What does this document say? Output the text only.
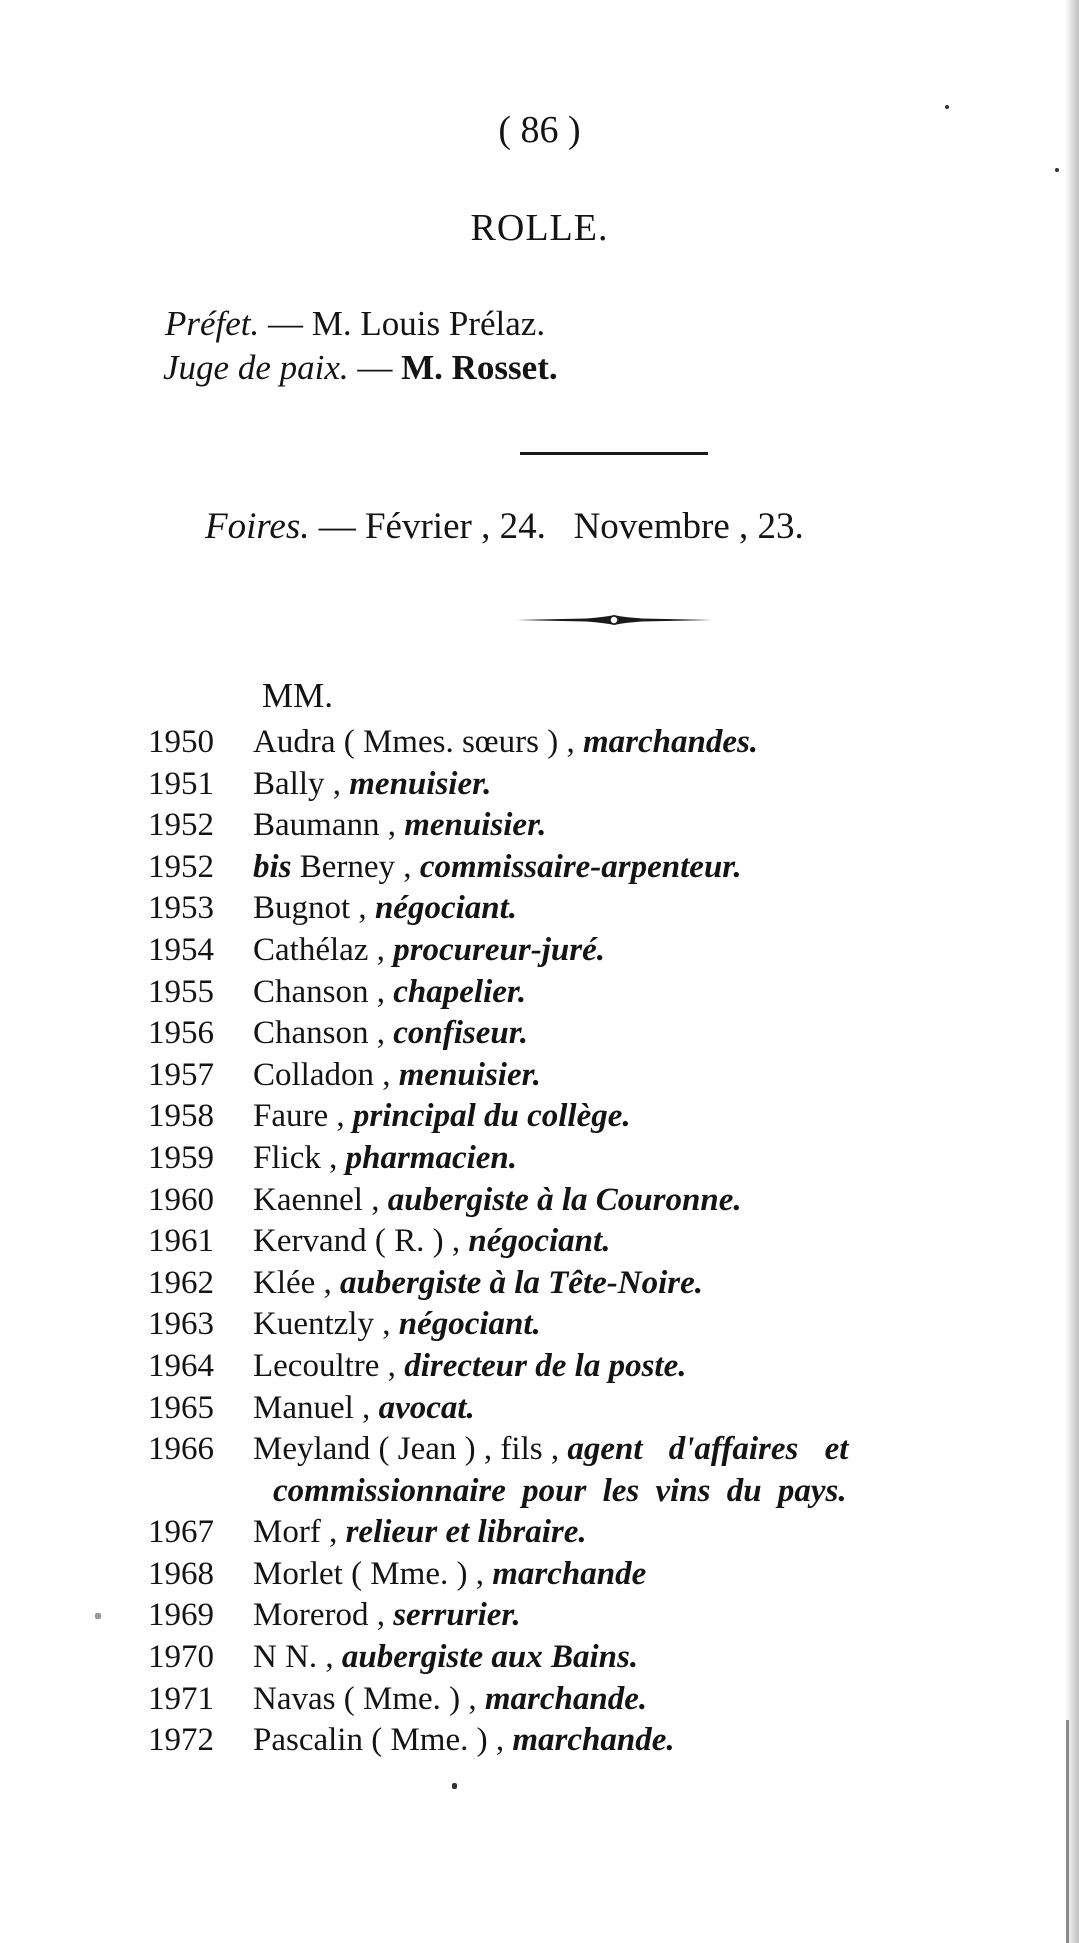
( 86 )
ROLLE.
Préfet. — M. Louis Prélaz.
Juge de paix. — M. Rosset.
Foires. — Février , 24.   Novembre , 23.
MM.
1950	Audra ( Mmes. sœurs ) , marchandes.
1951	Bally , menuisier.
1952	Baumann , menuisier.
1952	bis Berney , commissaire-arpenteur.
1953	Bugnot , négociant.
1954	Cathélaz , procureur-juré.
1955	Chanson , chapelier.
1956	Chanson , confiseur.
1957	Colladon , menuisier.
1958	Faure , principal du collège.
1959	Flick , pharmacien.
1960	Kaennel , aubergiste à la Couronne.
1961	Kervand ( R. ) , négociant.
1962	Klée , aubergiste à la Tête-Noire.
1963	Kuentzly , négociant.
1964	Lecoultre , directeur de la poste.
1965	Manuel , avocat.
1966	Meyland ( Jean ) , fils , agent d'affaires et
commissionnaire pour les vins du pays.
1967	Morf , relieur et libraire.
1968	Morlet ( Mme. ) , marchande
1969	Morerod , serrurier.
1970	N N. , aubergiste aux Bains.
1971	Navas ( Mme. ) , marchande.
1972	Pascalin ( Mme. ) , marchande.
